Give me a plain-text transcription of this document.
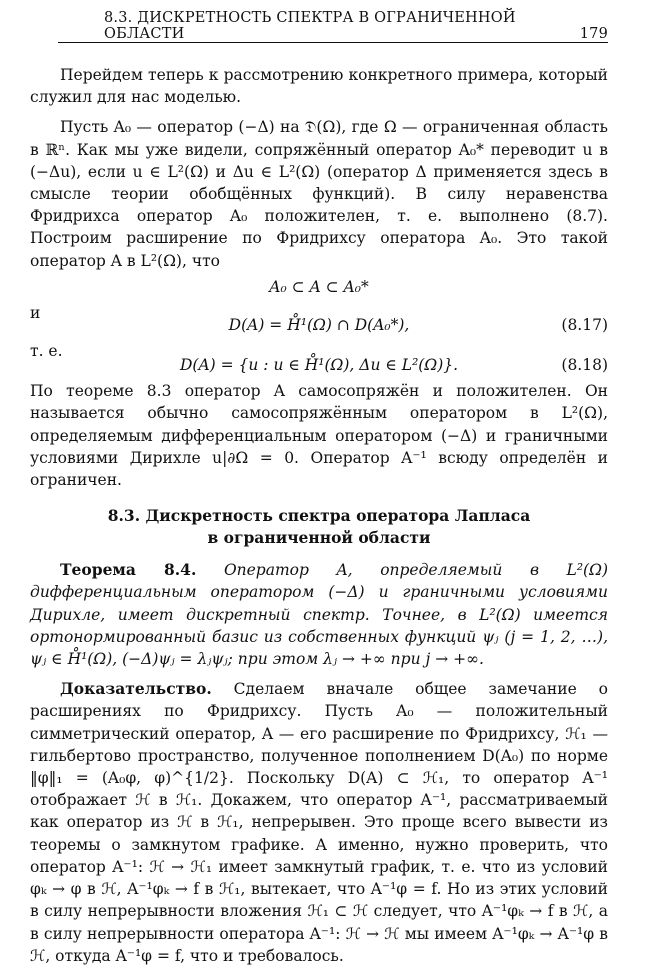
8.3. ДИСКРЕТНОСТЬ СПЕКТРА В ОГРАНИЧЕННОЙ ОБЛАСТИ	179

Перейдем теперь к рассмотрению конкретного примера, который служил для нас моделью.

Пусть A₀ — оператор (−Δ) на 𝔇(Ω), где Ω — ограниченная область в ℝⁿ. Как мы уже видели, сопряжённый оператор A₀* переводит u в (−Δu), если u ∈ L²(Ω) и Δu ∈ L²(Ω) (оператор Δ применяется здесь в смысле теории обобщённых функций). В силу неравенства Фридрихса оператор A₀ положителен, т. е. выполнено (8.7). Построим расширение по Фридрихсу оператора A₀. Это такой оператор A в L²(Ω), что

A₀ ⊂ A ⊂ A₀*

и

D(A) = H̊¹(Ω) ∩ D(A₀*),	(8.17)

т. е.

D(A) = {u : u ∈ H̊¹(Ω), Δu ∈ L²(Ω)}.	(8.18)

По теореме 8.3 оператор A самосопряжён и положителен. Он называется обычно самосопряжённым оператором в L²(Ω), определяемым дифференциальным оператором (−Δ) и граничными условиями Дирихле u|∂Ω = 0. Оператор A⁻¹ всюду определён и ограничен.

8.3. Дискретность спектра оператора Лапласа
в ограниченной области

Теорема 8.4. Оператор A, определяемый в L²(Ω) дифференциальным оператором (−Δ) и граничными условиями Дирихле, имеет дискретный спектр. Точнее, в L²(Ω) имеется ортонормированный базис из собственных функций ψⱼ (j = 1, 2, …), ψⱼ ∈ H̊¹(Ω), (−Δ)ψⱼ = λⱼψⱼ; при этом λⱼ → +∞ при j → +∞.

Доказательство. Сделаем вначале общее замечание о расширениях по Фридрихсу. Пусть A₀ — положительный симметрический оператор, A — его расширение по Фридрихсу, ℋ₁ — гильбертово пространство, полученное пополнением D(A₀) по норме ‖φ‖₁ = (A₀φ, φ)^{1/2}. Поскольку D(A) ⊂ ℋ₁, то оператор A⁻¹ отображает ℋ в ℋ₁. Докажем, что оператор A⁻¹, рассматриваемый как оператор из ℋ в ℋ₁, непрерывен. Это проще всего вывести из теоремы о замкнутом графике. А именно, нужно проверить, что оператор A⁻¹: ℋ → ℋ₁ имеет замкнутый график, т. е. что из условий φₖ → φ в ℋ, A⁻¹φₖ → f в ℋ₁, вытекает, что A⁻¹φ = f. Но из этих условий в силу непрерывности вложения ℋ₁ ⊂ ℋ следует, что A⁻¹φₖ → f в ℋ, а в силу непрерывности оператора A⁻¹: ℋ → ℋ мы имеем A⁻¹φₖ → A⁻¹φ в ℋ, откуда A⁻¹φ = f, что и требовалось.
